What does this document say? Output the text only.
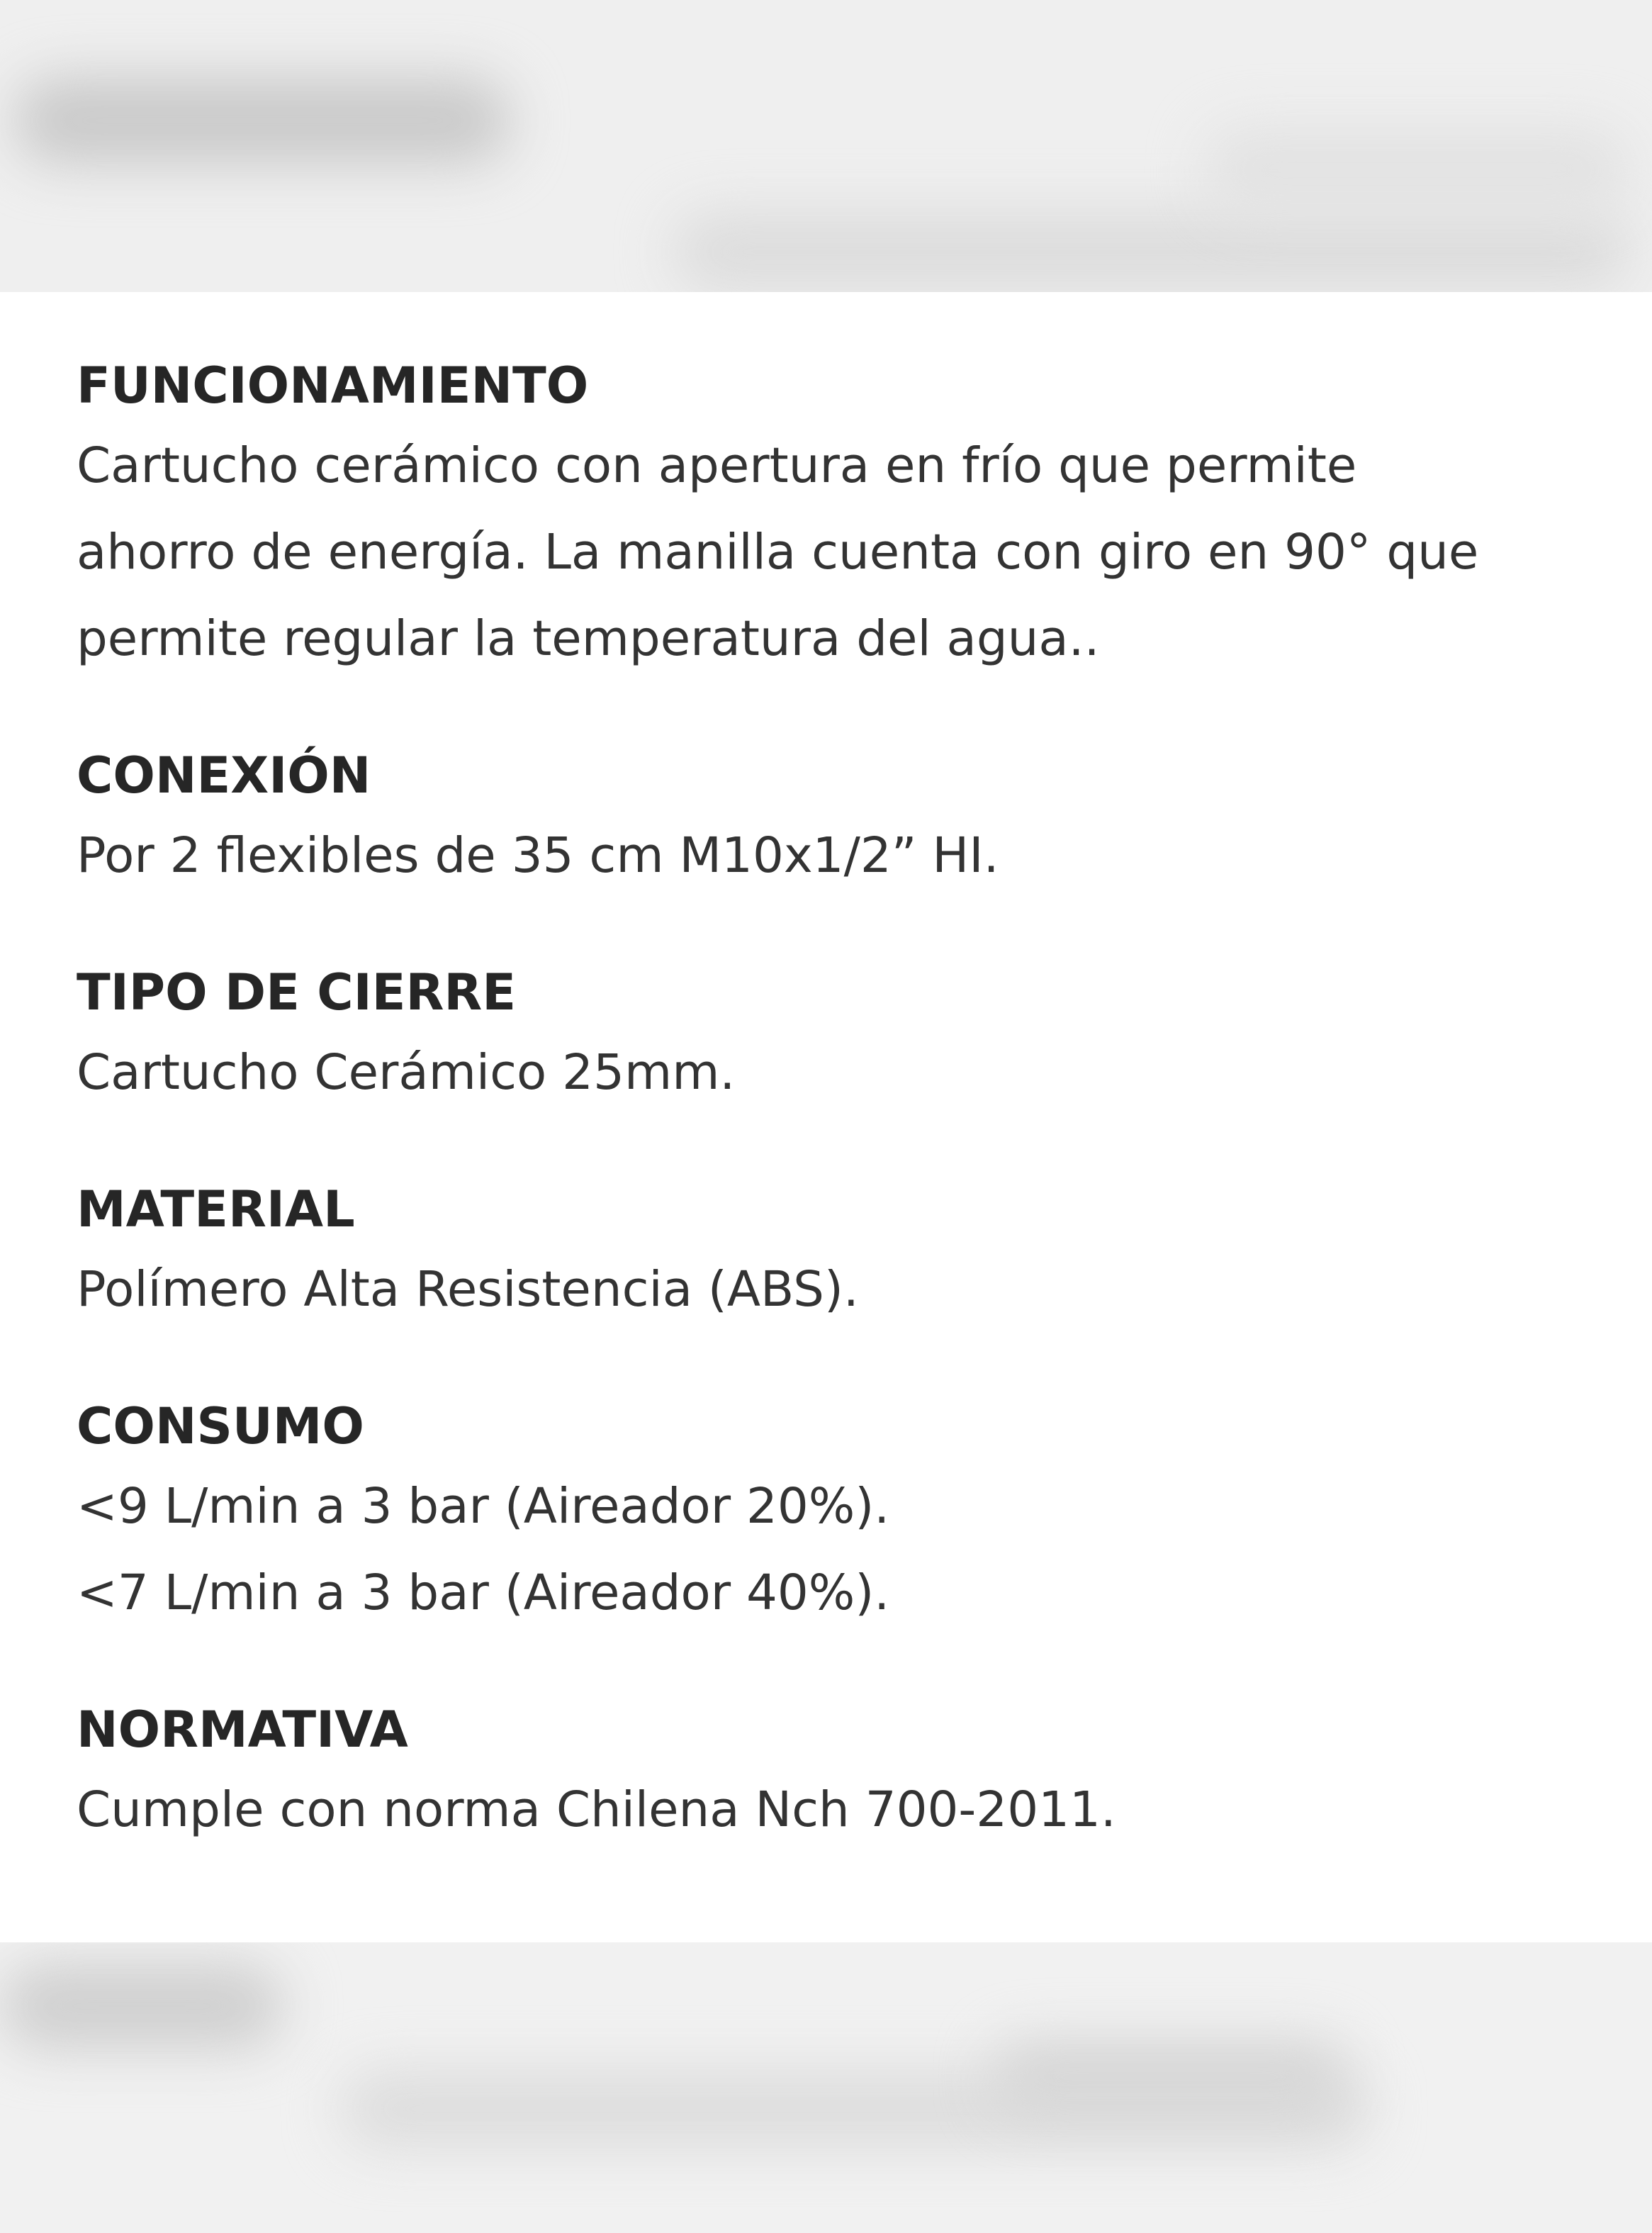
FUNCIONAMIENTO

Cartucho cerámico con apertura en frío que permite

ahorro de energía. La manilla cuenta con giro en 90° que

permite regular la temperatura del agua..

CONEXIÓN

Por 2 flexibles de 35 cm M10x1/2” HI.

TIPO DE CIERRE

Cartucho Cerámico 25mm.

MATERIAL

Polímero Alta Resistencia (ABS).

CONSUMO

<9 L/min a 3 bar (Aireador 20%).

<7 L/min a 3 bar (Aireador 40%).

NORMATIVA

Cumple con norma Chilena Nch 700-2011.
